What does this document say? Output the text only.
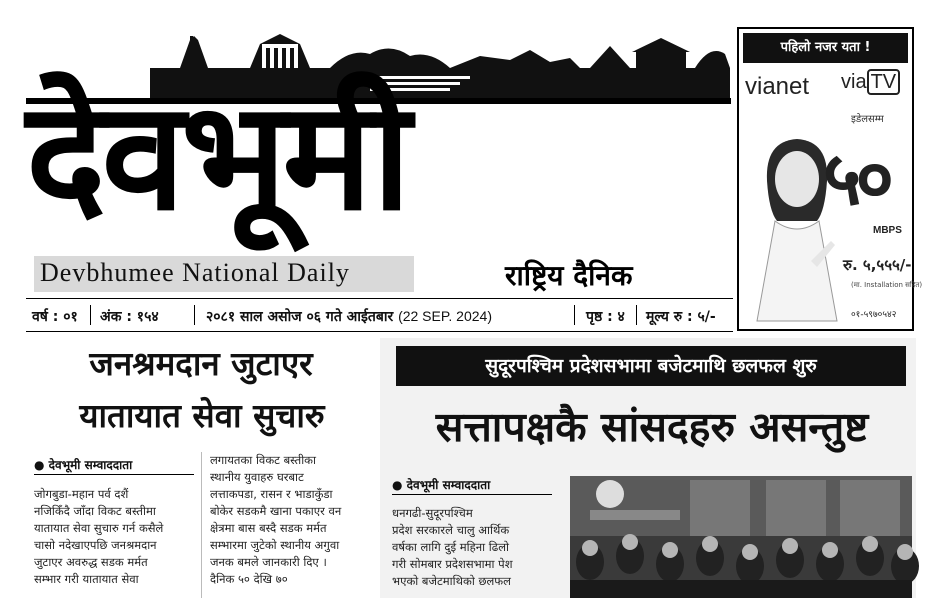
देवभूमी
Devbhumee National Daily	राष्ट्रिय दैनिक
वर्ष : ०१ अंक : १५४	२०८१ साल असोज ०६ गते आईतबार (22 SEP. 2024)	पृष्ठ : ४ मूल्य रु : ५/-
पहिलो नजर यता !
vianet via TV
इडेलसम्म
५०
MBPS
रु. ५,५५५/-
(मा. Installation सहित)
०१-५९७०५४२
जनश्रमदान जुटाएर
यातायात सेवा सुचारु
● देवभूमी सम्वाददाता

जोगबुडा-महान पर्व दशैं

नजिकिँदै जाँदा विकट बस्तीमा

यातायात सेवा सुचारु गर्न कसैले

चासो नदेखाएपछि जनश्रमदान

जुटाएर अवरुद्ध सडक मर्मत

सम्भार गरी यातायात सेवा

लगायतका विकट बस्तीका

स्थानीय युवाहरु घरबाट

लत्ताकपडा, रासन र भाडाकुँडा

बोकेर सडकमै खाना पकाएर वन

क्षेत्रमा बास बस्दै सडक मर्मत

सम्भारमा जुटेको स्थानीय अगुवा

जनक बमले जानकारी दिए ।

दैनिक ५० देखि ७०

सुदूरपश्चिम प्रदेशसभामा बजेटमाथि छलफल शुरु
सत्तापक्षकै सांसदहरु असन्तुष्ट
● देवभूमी सम्वाददाता

धनगढी-सुदूरपश्चिम

प्रदेश सरकारले चालु आर्थिक

वर्षका लागि दुई महिना ढिलो

गरी सोमबार प्रदेशसभामा पेश

भएको बजेटमाथिको छलफल
